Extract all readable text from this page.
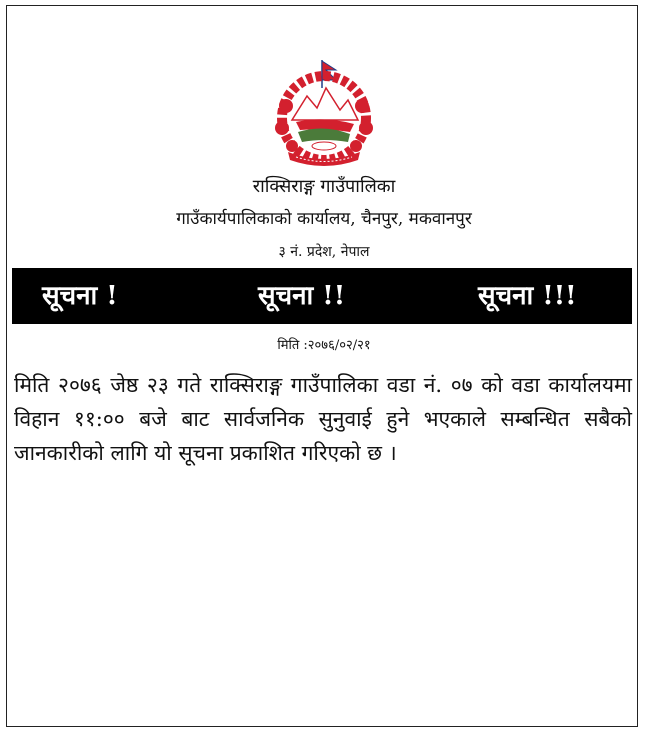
राक्सिराङ्ग गाउँपालिका
गाउँकार्यपालिकाको कार्यालय, चैनपुर, मकवानपुर
३ नं. प्रदेश, नेपाल
सूचना !	सूचना !!	सूचना !!!
मिति :२०७६/०२/२१
मिति २०७६ जेष्ठ २३ गते राक्सिराङ्ग गाउँपालिका वडा नं. ०७ को वडा कार्यालयमा विहान ११:०० बजे बाट सार्वजनिक सुनुवाई हुने भएकाले सम्बन्धित सबैको जानकारीको लागि यो सूचना प्रकाशित गरिएको छ ।
